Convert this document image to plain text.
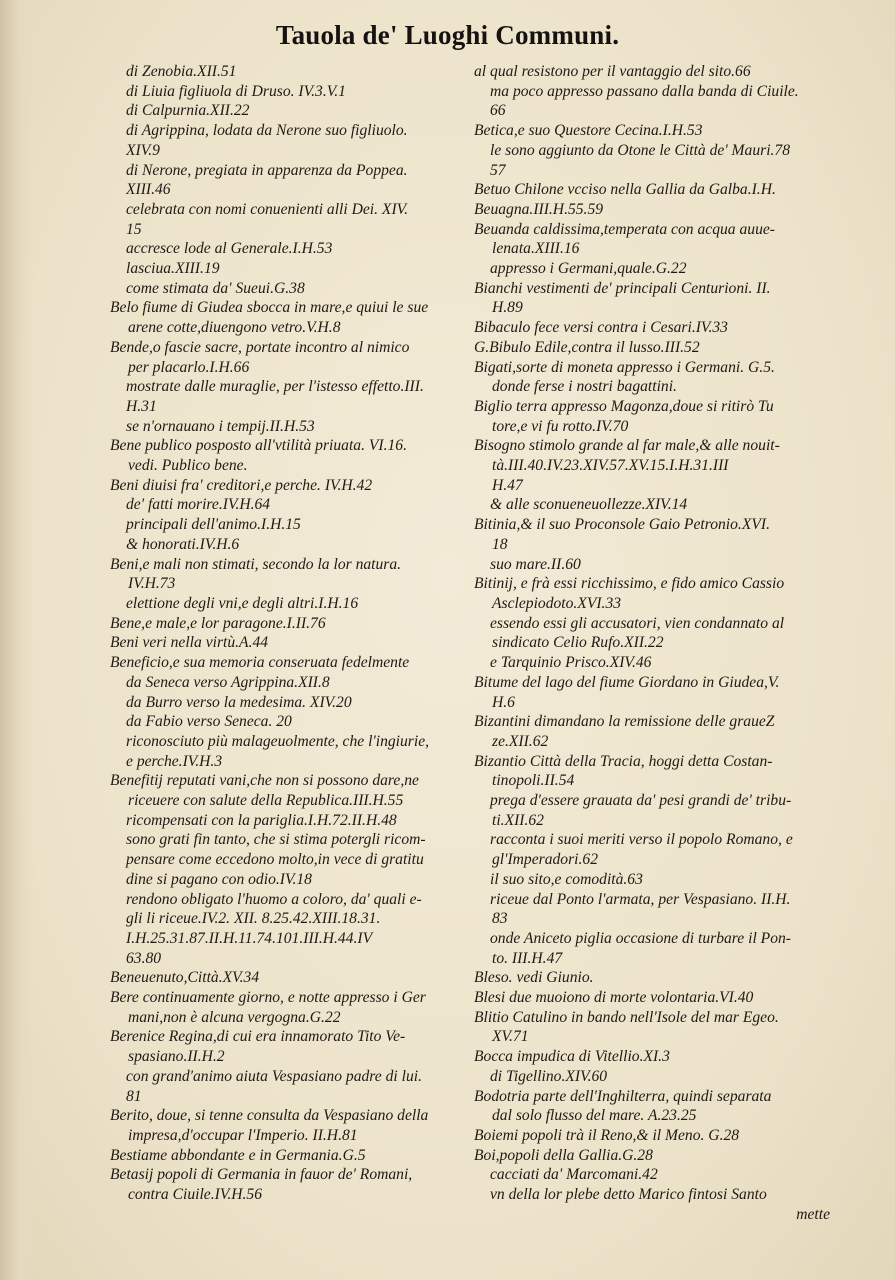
Tauola de' Luoghi Communi.
di Zenobia.XII.51
di Liuia figliuola di Druso. IV.3.V.1
di Calpurnia.XII.22
di Agrippina, lodata da Nerone suo figliuolo.
XIV.9
di Nerone, pregiata in apparenza da Poppea.
XIII.46
celebrata con nomi conuenienti alli Dei. XIV.
15
accresce lode al Generale.I.H.53
lasciua.XIII.19
come stimata da' Sueui.G.38
Belo fiume di Giudea sbocca in mare,e quiui le sue
arene cotte,diuengono vetro.V.H.8
Bende,o fascie sacre, portate incontro al nimico
per placarlo.I.H.66
mostrate dalle muraglie, per l'istesso effetto.III.
H.31
se n'ornauano i tempij.II.H.53
Bene publico posposto all'vtilità priuata. VI.16.
vedi. Publico bene.
Beni diuisi fra' creditori,e perche. IV.H.42
de' fatti morire.IV.H.64
principali dell'animo.I.H.15
& honorati.IV.H.6
Beni,e mali non stimati, secondo la lor natura.
IV.H.73
elettione degli vni,e degli altri.I.H.16
Bene,e male,e lor paragone.I.II.76
Beni veri nella virtù.A.44
Beneficio,e sua memoria conseruata fedelmente
da Seneca verso Agrippina.XII.8
da Burro verso la medesima. XIV.20
da Fabio verso Seneca. 20
riconosciuto più malageuolmente, che l'ingiurie,
e perche.IV.H.3
Benefitij reputati vani,che non si possono dare,ne
riceuere con salute della Republica.III.H.55
ricompensati con la pariglia.I.H.72.II.H.48
sono grati fin tanto, che si stima potergli ricom-
pensare come eccedono molto,in vece di gratitu
dine si pagano con odio.IV.18
rendono obligato l'huomo a coloro, da' quali e-
gli li riceue.IV.2. XII. 8.25.42.XIII.18.31.
I.H.25.31.87.II.H.11.74.101.III.H.44.IV
63.80
Beneuenuto,Città.XV.34
Bere continuamente giorno, e notte appresso i Ger
mani,non è alcuna vergogna.G.22
Berenice Regina,di cui era innamorato Tito Ve-
spasiano.II.H.2
con grand'animo aiuta Vespasiano padre di lui.
81
Berito, doue, si tenne consulta da Vespasiano della
impresa,d'occupar l'Imperio. II.H.81
Bestiame abbondante e in Germania.G.5
Betasij popoli di Germania in fauor de' Romani,
contra Ciuile.IV.H.56
al qual resistono per il vantaggio del sito.66
ma poco appresso passano dalla banda di Ciuile.
66
Betica,e suo Questore Cecina.I.H.53
le sono aggiunto da Otone le Città de' Mauri.78
57
Betuo Chilone vcciso nella Gallia da Galba.I.H.
Beuagna.III.H.55.59
Beuanda caldissima,temperata con acqua auue-
lenata.XIII.16
appresso i Germani,quale.G.22
Bianchi vestimenti de' principali Centurioni. II.
H.89
Bibaculo fece versi contra i Cesari.IV.33
G.Bibulo Edile,contra il lusso.III.52
Bigati,sorte di moneta appresso i Germani. G.5.
donde ferse i nostri bagattini.
Biglio terra appresso Magonza,doue si ritirò Tu
tore,e vi fu rotto.IV.70
Bisogno stimolo grande al far male,& alle nouit-
tà.III.40.IV.23.XIV.57.XV.15.I.H.31.III
H.47
& alle sconueneuollezze.XIV.14
Bitinia,& il suo Proconsole Gaio Petronio.XVI.
18
suo mare.II.60
Bitinij, e frà essi ricchissimo, e fido amico Cassio
Asclepiodoto.XVI.33
essendo essi gli accusatori, vien condannato al
sindicato Celio Rufo.XII.22
e Tarquinio Prisco.XIV.46
Bitume del lago del fiume Giordano in Giudea,V.
H.6
Bizantini dimandano la remissione delle graueZ
ze.XII.62
Bizantio Città della Tracia, hoggi detta Costan-
tinopoli.II.54
prega d'essere grauata da' pesi grandi de' tribu-
ti.XII.62
racconta i suoi meriti verso il popolo Romano, e
gl'Imperadori.62
il suo sito,e comodità.63
riceue dal Ponto l'armata, per Vespasiano. II.H.
83
onde Aniceto piglia occasione di turbare il Pon-
to. III.H.47
Bleso. vedi Giunio.
Blesi due muoiono di morte volontaria.VI.40
Blitio Catulino in bando nell'Isole del mar Egeo.
XV.71
Bocca impudica di Vitellio.XI.3
di Tigellino.XIV.60
Bodotria parte dell'Inghilterra, quindi separata
dal solo flusso del mare. A.23.25
Boiemi popoli trà il Reno,& il Meno. G.28
Boi,popoli della Gallia.G.28
cacciati da' Marcomani.42
vn della lor plebe detto Marico fintosi Santo
mette
